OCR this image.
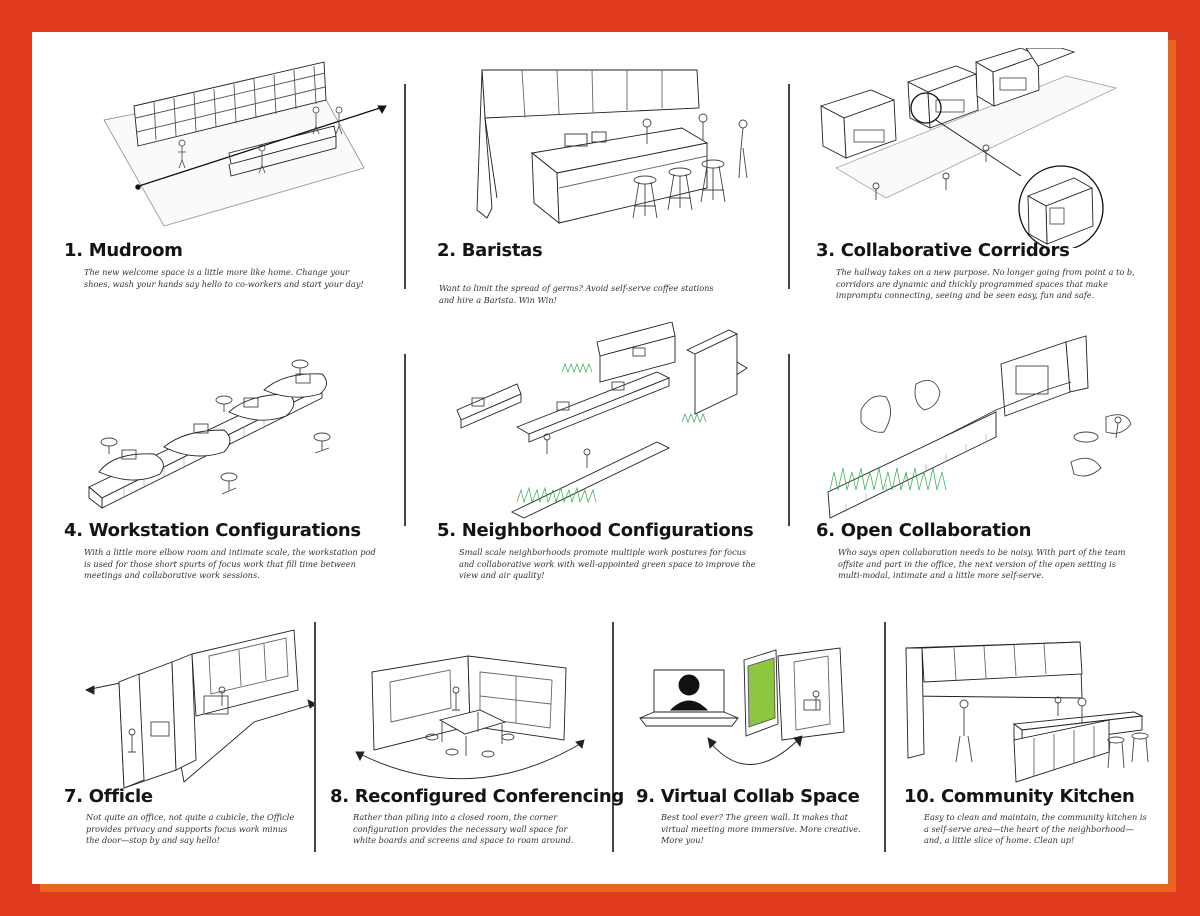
1. Mudroom
The new welcome space is a little more like home. Change your shoes, wash your hands say hello to co-workers and start your day!
2. Baristas
Want to limit the spread of germs? Avoid self-serve coffee stations and hire a Barista. Win Win!
3. Collaborative Corridors
The hallway takes on a new purpose. No longer going from point a to b, corridors are dynamic and thickly programmed spaces that make impromptu connecting, seeing and be seen easy, fun and safe.
4. Workstation Configurations
With a little more elbow room and intimate scale, the workstation pod is used for those short spurts of focus work that fill time between meetings and collaborative work sessions.
5. Neighborhood Configurations
Small scale neighborhoods promote multiple work postures for focus and collaborative work with well-appointed green space to improve the view and air quality!
6. Open Collaboration
Who says open collaboration needs to be noisy. With part of the team offsite and part in the office, the next version of the open setting is multi-modal, intimate and a little more self-serve.
7. Officle
Not quite an office, not quite a cubicle, the Officle provides privacy and supports focus work minus the door—stop by and say hello!
8. Reconfigured Conferencing
Rather than piling into a closed room, the corner configuration provides the necessary wall space for white boards and screens and space to roam around.
9. Virtual Collab Space
Best tool ever? The green wall. It makes that virtual meeting more immersive. More creative. More you!
10. Community Kitchen
Easy to clean and maintain, the community kitchen is a self-serve area—the heart of the neighborhood—and, a little slice of home. Clean up!
